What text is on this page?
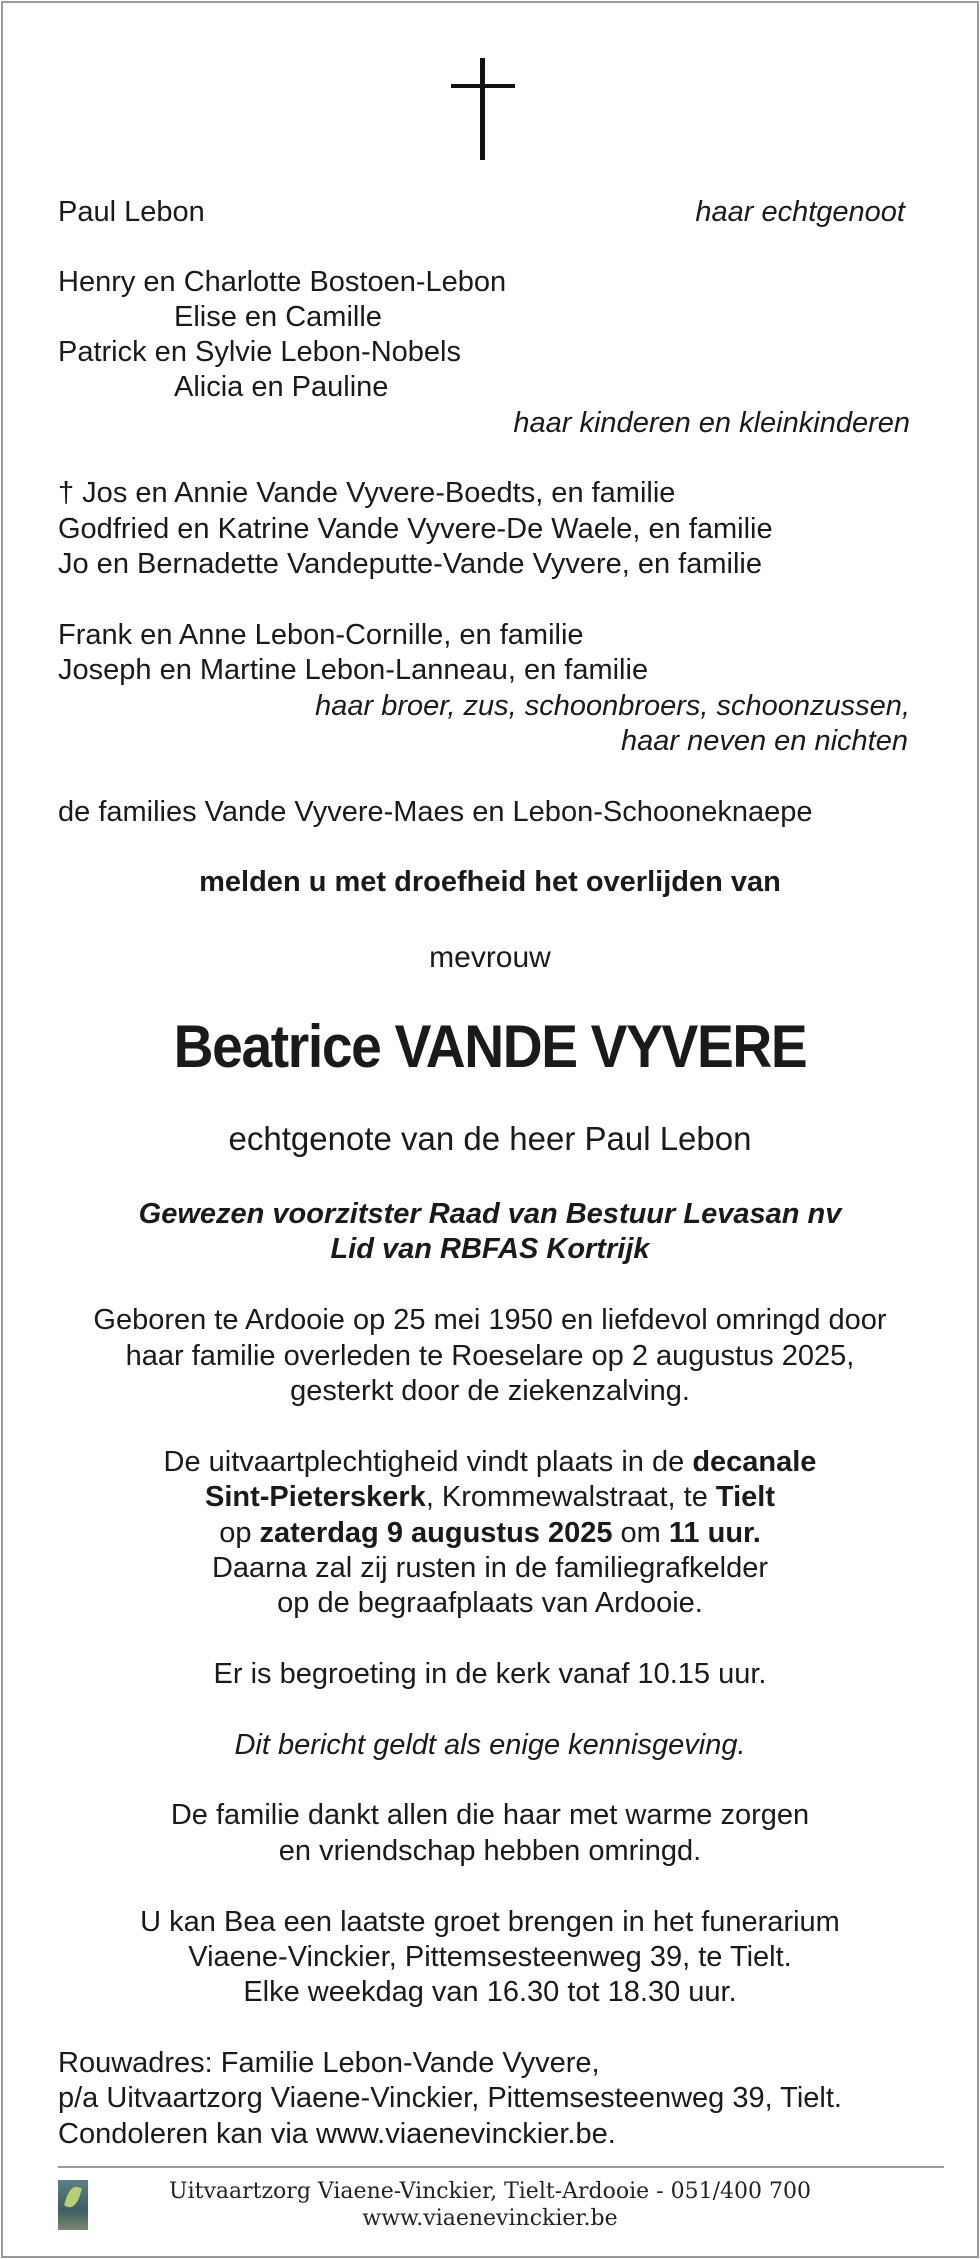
Paul Lebon	haar echtgenoot
Henry en Charlotte Bostoen-Lebon
Elise en Camille
Patrick en Sylvie Lebon-Nobels
Alicia en Pauline
haar kinderen en kleinkinderen
† Jos en Annie Vande Vyvere-Boedts, en familie
Godfried en Katrine Vande Vyvere-De Waele, en familie
Jo en Bernadette Vandeputte-Vande Vyvere, en familie
Frank en Anne Lebon-Cornille, en familie
Joseph en Martine Lebon-Lanneau, en familie
haar broer, zus, schoonbroers, schoonzussen,
haar neven en nichten
de families Vande Vyvere-Maes en Lebon-Schooneknaepe
melden u met droefheid het overlijden van
mevrouw
Beatrice VANDE VYVERE
echtgenote van de heer Paul Lebon
Gewezen voorzitster Raad van Bestuur Levasan nv
Lid van RBFAS Kortrijk
Geboren te Ardooie op 25 mei 1950 en liefdevol omringd door
haar familie overleden te Roeselare op 2 augustus 2025,
gesterkt door de ziekenzalving.
De uitvaartplechtigheid vindt plaats in de decanale
Sint-Pieterskerk, Krommewalstraat, te Tielt
op zaterdag 9 augustus 2025 om 11 uur.
Daarna zal zij rusten in de familiegrafkelder
op de begraafplaats van Ardooie.
Er is begroeting in de kerk vanaf 10.15 uur.
Dit bericht geldt als enige kennisgeving.
De familie dankt allen die haar met warme zorgen
en vriendschap hebben omringd.
U kan Bea een laatste groet brengen in het funerarium
Viaene-Vinckier, Pittemsesteenweg 39, te Tielt.
Elke weekdag van 16.30 tot 18.30 uur.
Rouwadres: Familie Lebon-Vande Vyvere,
p/a Uitvaartzorg Viaene-Vinckier, Pittemsesteenweg 39, Tielt.
Condoleren kan via www.viaenevinckier.be.
Uitvaartzorg Viaene-Vinckier, Tielt-Ardooie - 051/400 700
www.viaenevinckier.be
